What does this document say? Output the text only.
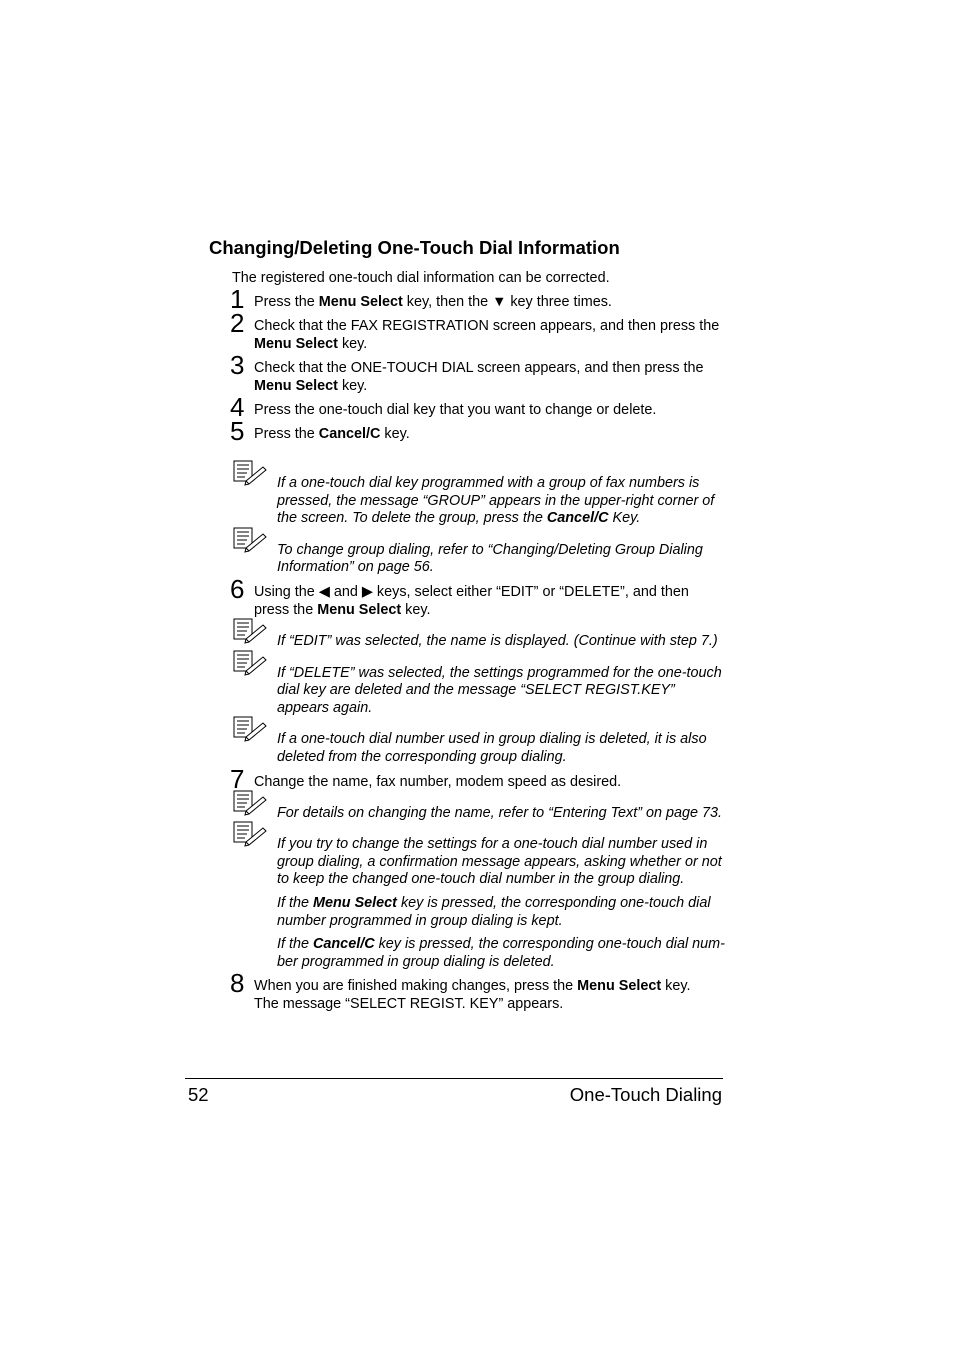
Changing/Deleting One-Touch Dial Information
The registered one-touch dial information can be corrected.
1 Press the Menu Select key, then the ▼ key three times.
2 Check that the FAX REGISTRATION screen appears, and then press the
Menu Select key.
3 Check that the ONE-TOUCH DIAL screen appears, and then press the
Menu Select key.
4 Press the one-touch dial key that you want to change or delete.
5 Press the Cancel/C key.
If a one-touch dial key programmed with a group of fax numbers is
pressed, the message “GROUP” appears in the upper-right corner of
the screen. To delete the group, press the Cancel/C Key.
To change group dialing, refer to “Changing/Deleting Group Dialing
Information” on page 56.
6 Using the ◀ and ▶ keys, select either “EDIT” or “DELETE”, and then
press the Menu Select key.
If “EDIT” was selected, the name is displayed. (Continue with step 7.)
If “DELETE” was selected, the settings programmed for the one-touch
dial key are deleted and the message “SELECT REGIST.KEY”
appears again.
If a one-touch dial number used in group dialing is deleted, it is also
deleted from the corresponding group dialing.
7 Change the name, fax number, modem speed as desired.
For details on changing the name, refer to “Entering Text” on page 73.
If you try to change the settings for a one-touch dial number used in
group dialing, a confirmation message appears, asking whether or not
to keep the changed one-touch dial number in the group dialing.
If the Menu Select key is pressed, the corresponding one-touch dial
number programmed in group dialing is kept.
If the Cancel/C key is pressed, the corresponding one-touch dial num-
ber programmed in group dialing is deleted.
8 When you are finished making changes, press the Menu Select key.
The message “SELECT REGIST. KEY” appears.
52	One-Touch Dialing
